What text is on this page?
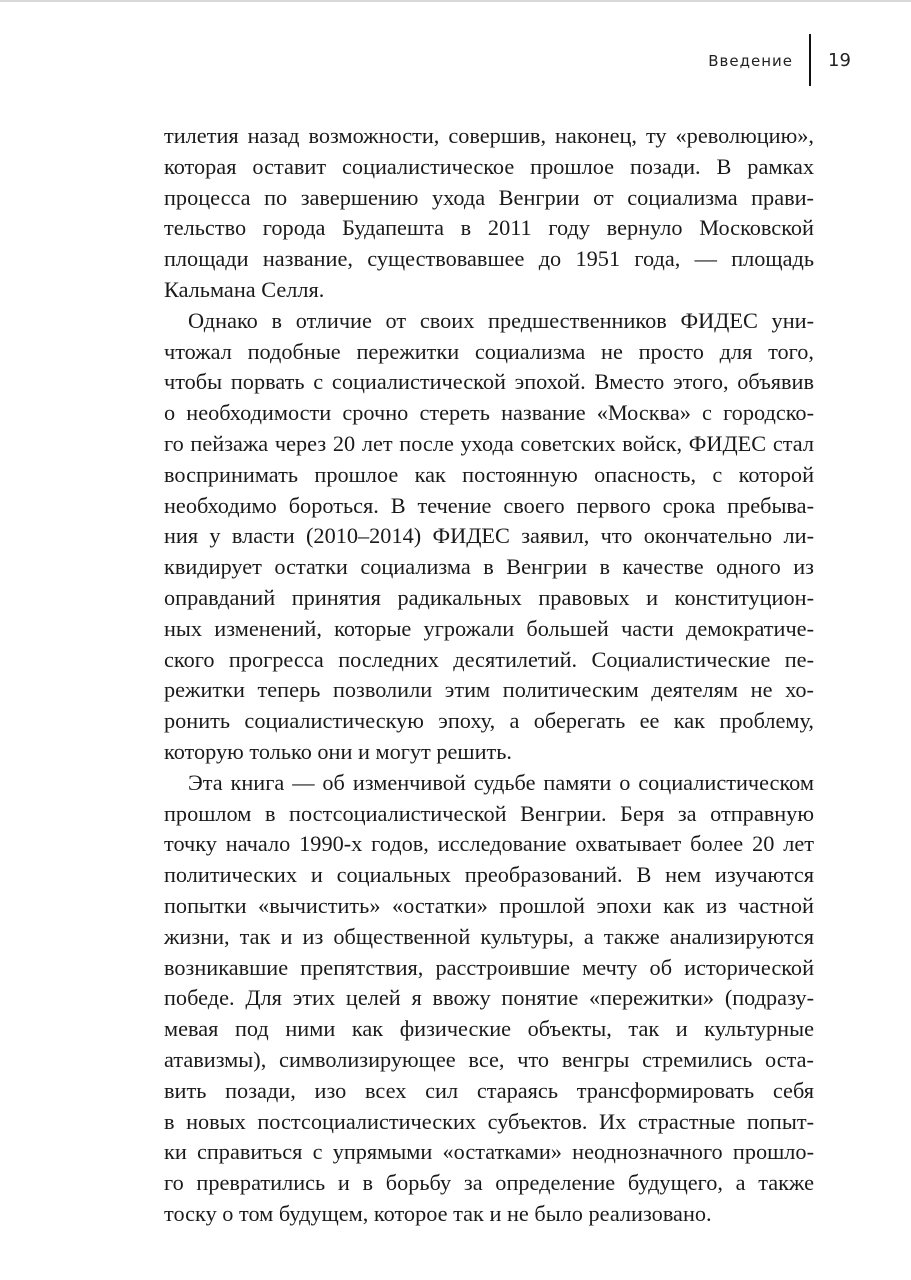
Введение 19
тилетия назад возможности, совершив, наконец, ту «революцию»,
которая оставит социалистическое прошлое позади. В рамках
процесса по завершению ухода Венгрии от социализма прави-
тельство города Будапешта в 2011 году вернуло Московской
площади название, существовавшее до 1951 года, — площадь
Кальмана Селля.
Однако в отличие от своих предшественников ФИДЕС уни-
чтожал подобные пережитки социализма не просто для того,
чтобы порвать с социалистической эпохой. Вместо этого, объявив
о необходимости срочно стереть название «Москва» с городско-
го пейзажа через 20 лет после ухода советских войск, ФИДЕС стал
воспринимать прошлое как постоянную опасность, с которой
необходимо бороться. В течение своего первого срока пребыва-
ния у власти (2010–2014) ФИДЕС заявил, что окончательно ли-
квидирует остатки социализма в Венгрии в качестве одного из
оправданий принятия радикальных правовых и конституцион-
ных изменений, которые угрожали большей части демократиче-
ского прогресса последних десятилетий. Социалистические пе-
режитки теперь позволили этим политическим деятелям не хо-
ронить социалистическую эпоху, а оберегать ее как проблему,
которую только они и могут решить.
Эта книга — об изменчивой судьбе памяти о социалистическом
прошлом в постсоциалистической Венгрии. Беря за отправную
точку начало 1990-х годов, исследование охватывает более 20 лет
политических и социальных преобразований. В нем изучаются
попытки «вычистить» «остатки» прошлой эпохи как из частной
жизни, так и из общественной культуры, а также анализируются
возникавшие препятствия, расстроившие мечту об исторической
победе. Для этих целей я ввожу понятие «пережитки» (подразу-
мевая под ними как физические объекты, так и культурные
атавизмы), символизирующее все, что венгры стремились оста-
вить позади, изо всех сил стараясь трансформировать себя
в новых постсоциалистических субъектов. Их страстные попыт-
ки справиться с упрямыми «остатками» неоднозначного прошло-
го превратились и в борьбу за определение будущего, а также
тоску о том будущем, которое так и не было реализовано.
